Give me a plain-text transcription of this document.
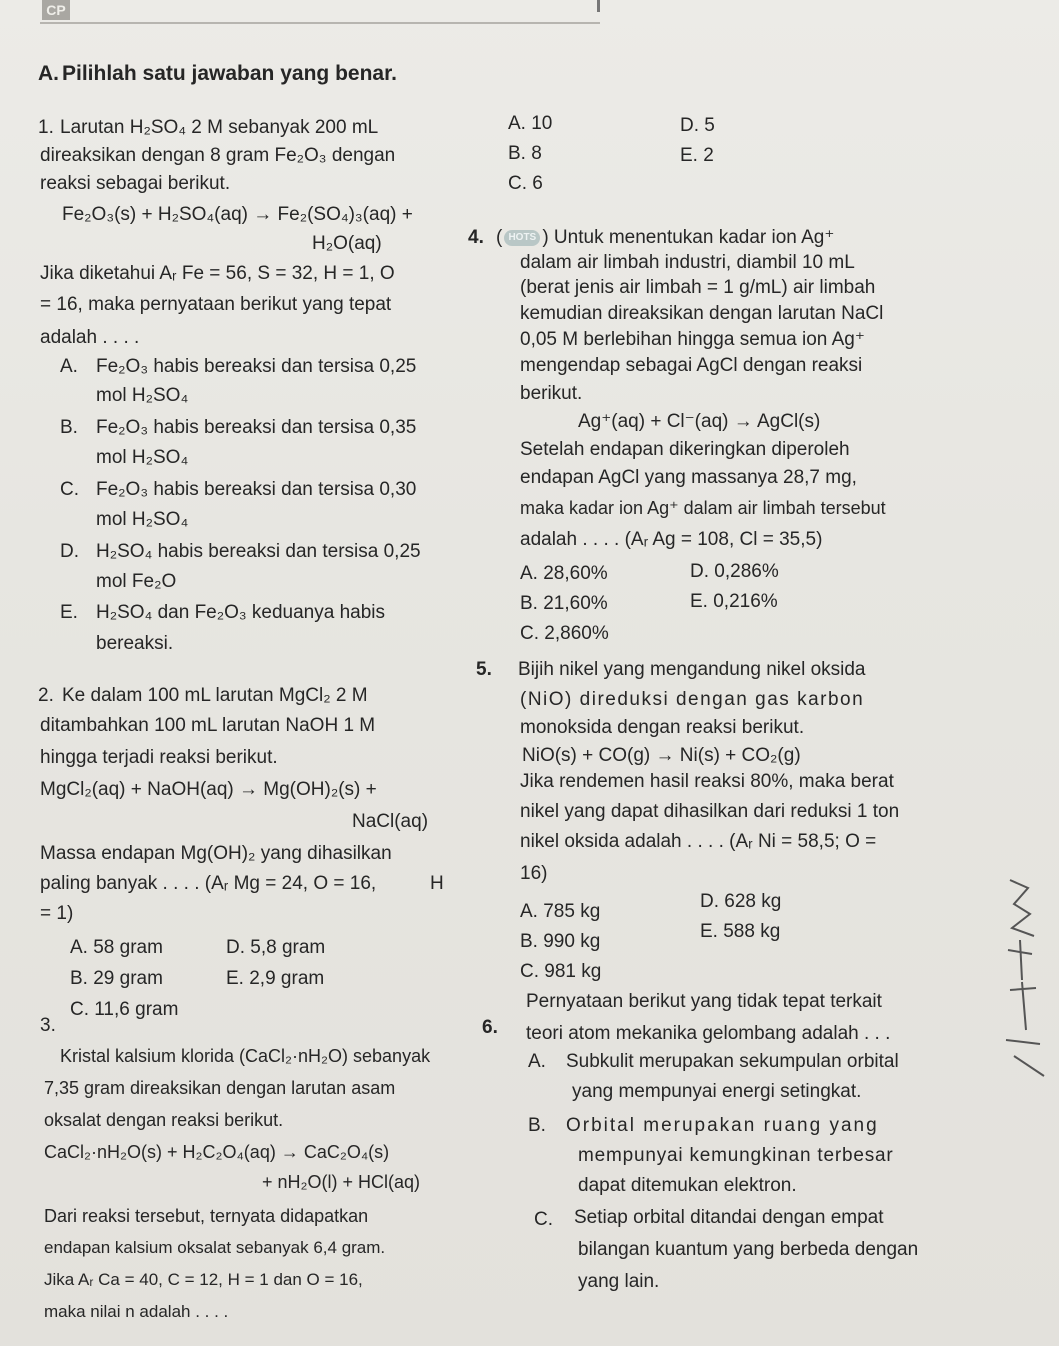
CP
A. Pilihlah satu jawaban yang benar.
1. Larutan H₂SO₄ 2 M sebanyak 200 mL
direaksikan dengan 8 gram Fe₂O₃ dengan
reaksi sebagai berikut.
Fe₂O₃(s) + H₂SO₄(aq) → Fe₂(SO₄)₃(aq) +
H₂O(aq)
Jika diketahui Aᵣ Fe = 56, S = 32, H = 1, O
= 16, maka pernyataan berikut yang tepat
adalah . . . .
A. Fe₂O₃ habis bereaksi dan tersisa 0,25
mol H₂SO₄
B. Fe₂O₃ habis bereaksi dan tersisa 0,35
mol H₂SO₄
C. Fe₂O₃ habis bereaksi dan tersisa 0,30
mol H₂SO₄
D. H₂SO₄ habis bereaksi dan tersisa 0,25
mol Fe₂O
E. H₂SO₄ dan Fe₂O₃ keduanya habis
bereaksi.
2. Ke dalam 100 mL larutan MgCl₂ 2 M
ditambahkan 100 mL larutan NaOH 1 M
hingga terjadi reaksi berikut.
MgCl₂(aq) + NaOH(aq) → Mg(OH)₂(s) +
NaCl(aq)
Massa endapan Mg(OH)₂ yang dihasilkan
paling banyak . . . . (Aᵣ Mg = 24, O = 16,	H
= 1)
A. 58 gram	D. 5,8 gram
B. 29 gram	E. 2,9 gram
C. 11,6 gram
3.
Kristal kalsium klorida (CaCl₂·nH₂O) sebanyak
7,35 gram direaksikan dengan larutan asam
oksalat dengan reaksi berikut.
CaCl₂·nH₂O(s) + H₂C₂O₄(aq) → CaC₂O₄(s)
+ nH₂O(l) + HCl(aq)
Dari reaksi tersebut, ternyata didapatkan
endapan kalsium oksalat sebanyak 6,4 gram.
Jika Aᵣ Ca = 40, C = 12, H = 1 dan O = 16,
maka nilai n adalah . . . .
A. 10	D. 5
B. 8	E. 2
C. 6
4. ( HOTS ) Untuk menentukan kadar ion Ag⁺
dalam air limbah industri, diambil 10 mL
(berat jenis air limbah = 1 g/mL) air limbah
kemudian direaksikan dengan larutan NaCl
0,05 M berlebihan hingga semua ion Ag⁺
mengendap sebagai AgCl dengan reaksi
berikut.
Ag⁺(aq) + Cl⁻(aq) → AgCl(s)
Setelah endapan dikeringkan diperoleh
endapan AgCl yang massanya 28,7 mg,
maka kadar ion Ag⁺ dalam air limbah tersebut
adalah . . . . (Aᵣ Ag = 108, Cl = 35,5)
A. 28,60%	D. 0,286%
B. 21,60%	E. 0,216%
C. 2,860%
5. Bijih nikel yang mengandung nikel oksida
(NiO) direduksi dengan gas karbon
monoksida dengan reaksi berikut.
NiO(s) + CO(g) → Ni(s) + CO₂(g)
Jika rendemen hasil reaksi 80%, maka berat
nikel yang dapat dihasilkan dari reduksi 1 ton
nikel oksida adalah . . . . (Aᵣ Ni = 58,5; O =
16)
A. 785 kg	D. 628 kg
B. 990 kg	E. 588 kg
C. 981 kg
6.
Pernyataan berikut yang tidak tepat terkait
teori atom mekanika gelombang adalah . . .
A. Subkulit merupakan sekumpulan orbital
yang mempunyai energi setingkat.
B. Orbital merupakan ruang yang
mempunyai kemungkinan terbesar
dapat ditemukan elektron.
C. Setiap orbital ditandai dengan empat
bilangan kuantum yang berbeda dengan
yang lain.
